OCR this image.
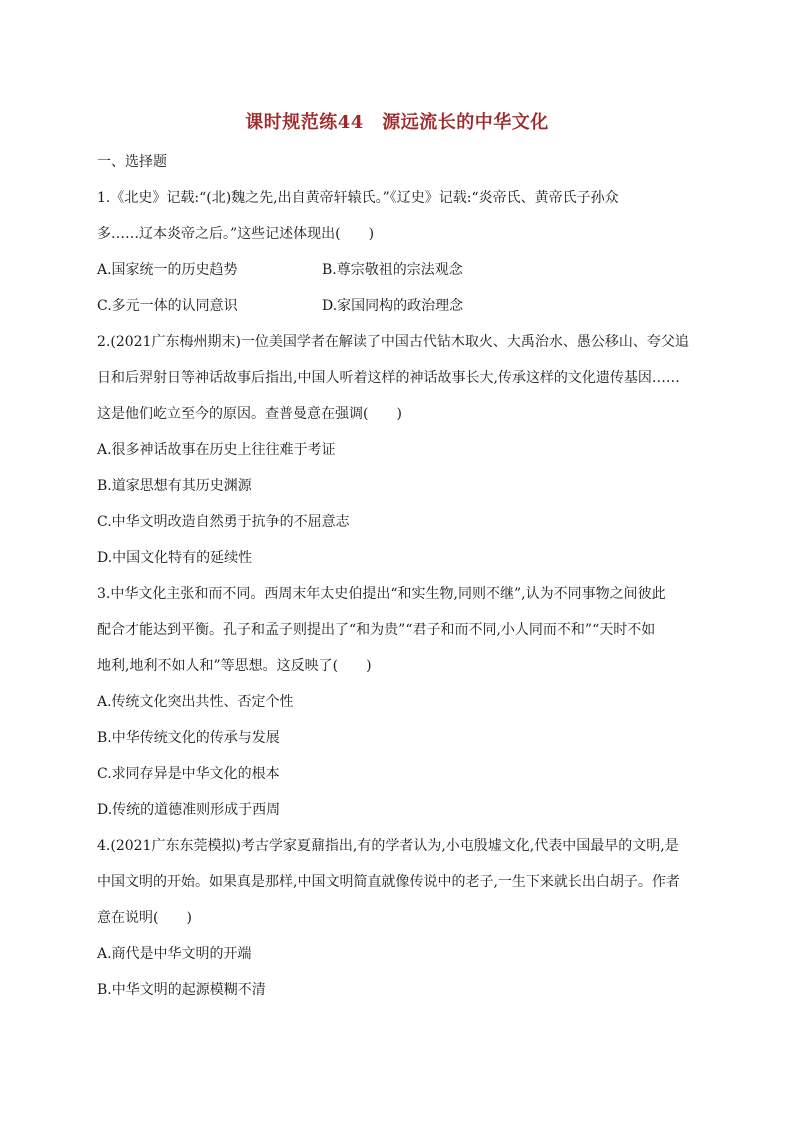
课时规范练44　源远流长的中华文化
一、选择题
1.《北史》记载:“(北)魏之先,出自黄帝轩辕氏。”《辽史》记载:“炎帝氏、黄帝氏子孙众
多……辽本炎帝之后。”这些记述体现出(　　)
A.国家统一的历史趋势	B.尊宗敬祖的宗法观念
C.多元一体的认同意识	D.家国同构的政治理念
2.(2021广东梅州期末)一位美国学者在解读了中国古代钻木取火、大禹治水、愚公移山、夸父追
日和后羿射日等神话故事后指出,中国人听着这样的神话故事长大,传承这样的文化遗传基因……
这是他们屹立至今的原因。查普曼意在强调(　　)
A.很多神话故事在历史上往往难于考证
B.道家思想有其历史渊源
C.中华文明改造自然勇于抗争的不屈意志
D.中国文化特有的延续性
3.中华文化主张和而不同。西周末年太史伯提出“和实生物,同则不继”,认为不同事物之间彼此
配合才能达到平衡。孔子和孟子则提出了“和为贵”“君子和而不同,小人同而不和”“天时不如
地利,地利不如人和”等思想。这反映了(　　)
A.传统文化突出共性、否定个性
B.中华传统文化的传承与发展
C.求同存异是中华文化的根本
D.传统的道德准则形成于西周
4.(2021广东东莞模拟)考古学家夏鼐指出,有的学者认为,小屯殷墟文化,代表中国最早的文明,是
中国文明的开始。如果真是那样,中国文明简直就像传说中的老子,一生下来就长出白胡子。作者
意在说明(　　)
A.商代是中华文明的开端
B.中华文明的起源模糊不清
